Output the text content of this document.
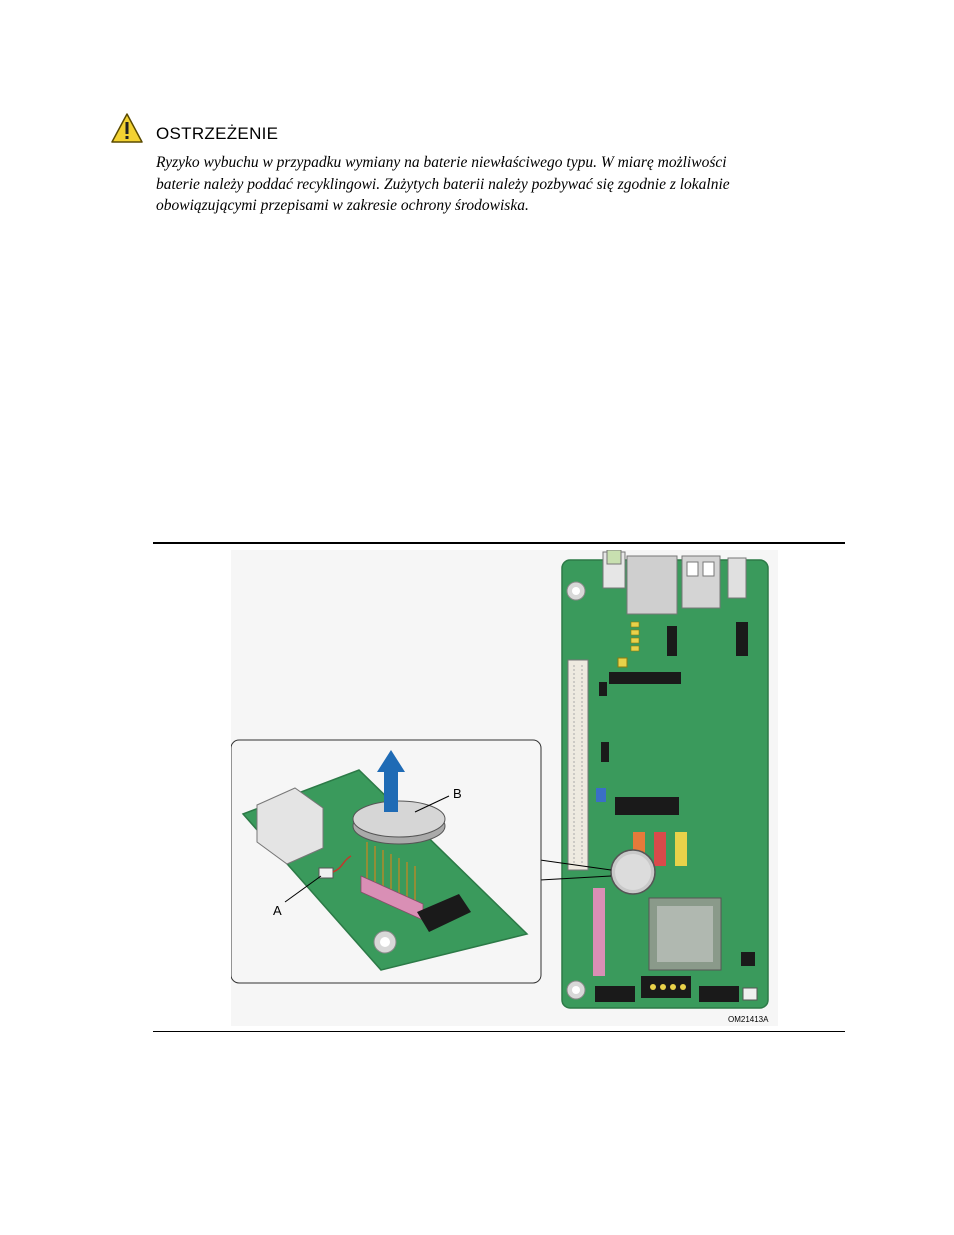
OSTRZEŻENIE

Ryzyko wybuchu w przypadku wymiany na baterie niewłaściwego typu. W miarę możliwości
baterie należy poddać recyklingowi. Zużytych baterii należy pozbywać się zgodnie z lokalnie
obowiązującymi przepisami w zakresie ochrony środowiska.

A
B
OM21413A
